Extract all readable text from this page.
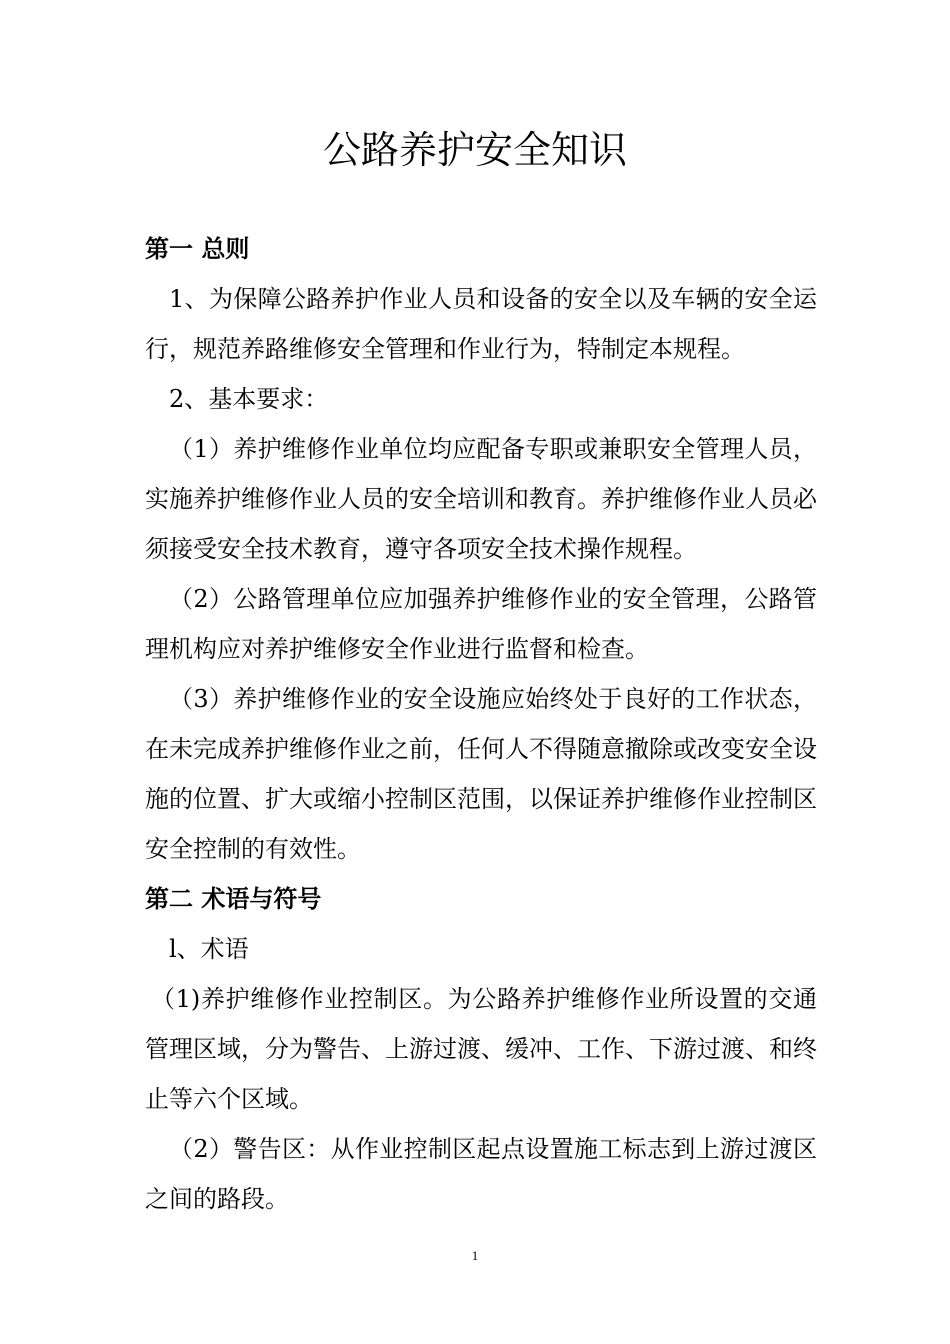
公路养护安全知识

第一 总则

1、为保障公路养护作业人员和设备的安全以及车辆的安全运行，规范养路维修安全管理和作业行为，特制定本规程。

2、基本要求：

（1）养护维修作业单位均应配备专职或兼职安全管理人员，实施养护维修作业人员的安全培训和教育。养护维修作业人员必须接受安全技术教育，遵守各项安全技术操作规程。

（2）公路管理单位应加强养护维修作业的安全管理，公路管理机构应对养护维修安全作业进行监督和检查。

（3）养护维修作业的安全设施应始终处于良好的工作状态，在未完成养护维修作业之前，任何人不得随意撤除或改变安全设施的位置、扩大或缩小控制区范围，以保证养护维修作业控制区安全控制的有效性。

第二 术语与符号

l、术语

（1)养护维修作业控制区。为公路养护维修作业所设置的交通管理区域，分为警告、上游过渡、缓冲、工作、下游过渡、和终止等六个区域。

（2）警告区：从作业控制区起点设置施工标志到上游过渡区之间的路段。

1
